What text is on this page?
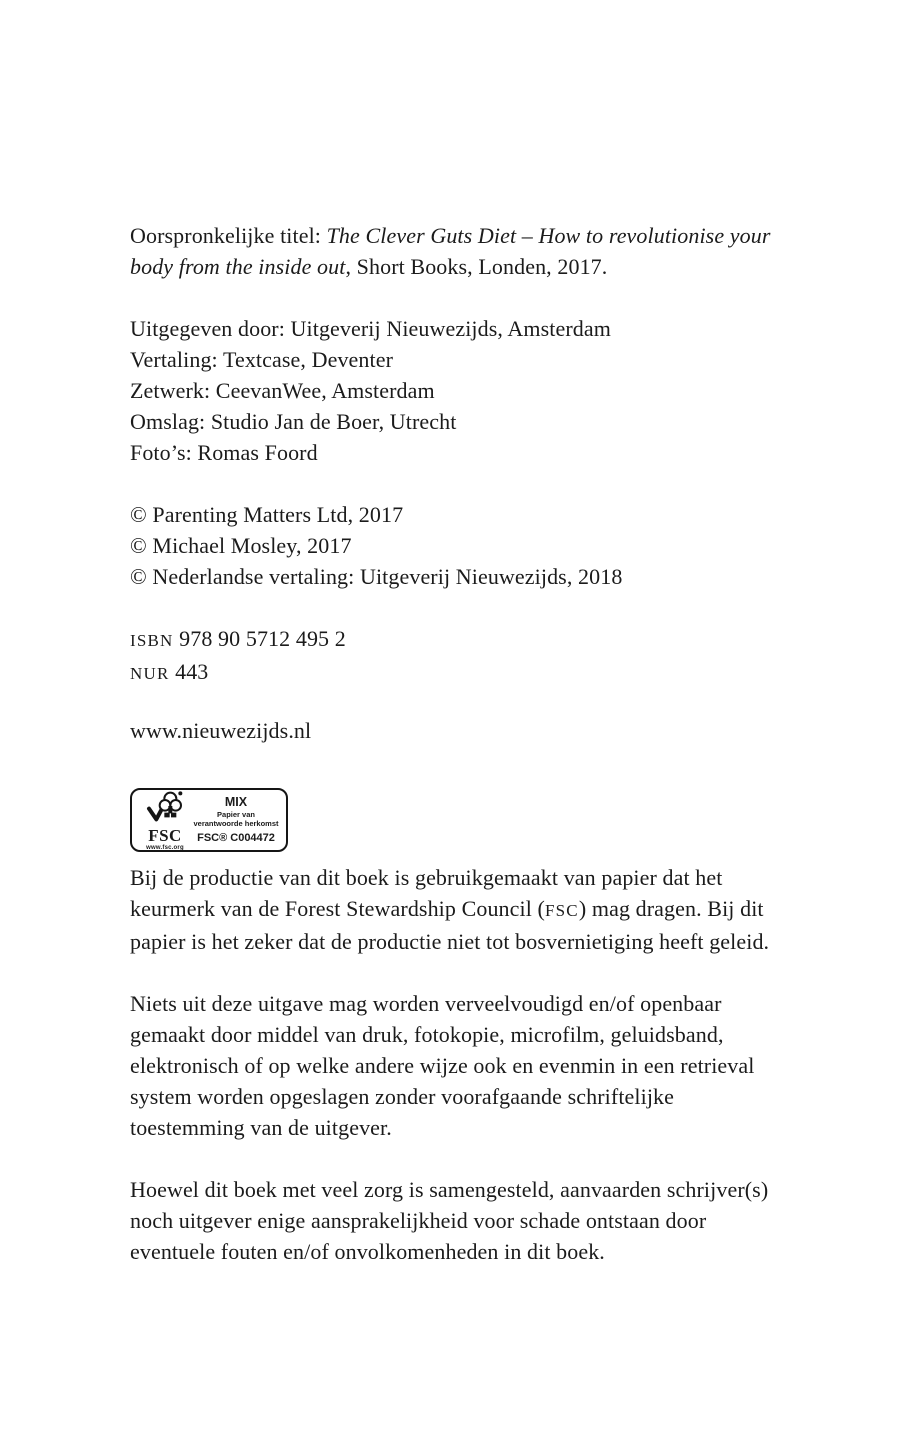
Oorspronkelijke titel: The Clever Guts Diet – How to revolutionise your body from the inside out, Short Books, Londen, 2017.

Uitgegeven door: Uitgeverij Nieuwezijds, Amsterdam

Vertaling: Textcase, Deventer

Zetwerk: CeevanWee, Amsterdam

Omslag: Studio Jan de Boer, Utrecht

Foto’s: Romas Foord

© Parenting Matters Ltd, 2017

© Michael Mosley, 2017

© Nederlandse vertaling: Uitgeverij Nieuwezijds, 2018

ISBN 978 90 5712 495 2

NUR 443

www.nieuwezijds.nl

FSC
www.fsc.org
MIX
Papier van
verantwoorde herkomst
FSC® C004472

Bij de productie van dit boek is gebruikgemaakt van papier dat het keurmerk van de Forest Stewardship Council (FSC) mag dragen. Bij dit papier is het zeker dat de productie niet tot bosvernietiging heeft geleid.

Niets uit deze uitgave mag worden verveelvoudigd en/of openbaar gemaakt door middel van druk, fotokopie, microfilm, geluidsband, elektronisch of op welke andere wijze ook en evenmin in een retrieval system worden opgeslagen zonder voorafgaande schriftelijke toestemming van de uitgever.

Hoewel dit boek met veel zorg is samengesteld, aanvaarden schrijver(s) noch uitgever enige aansprakelijkheid voor schade ontstaan door eventuele fouten en/of onvolkomenheden in dit boek.
